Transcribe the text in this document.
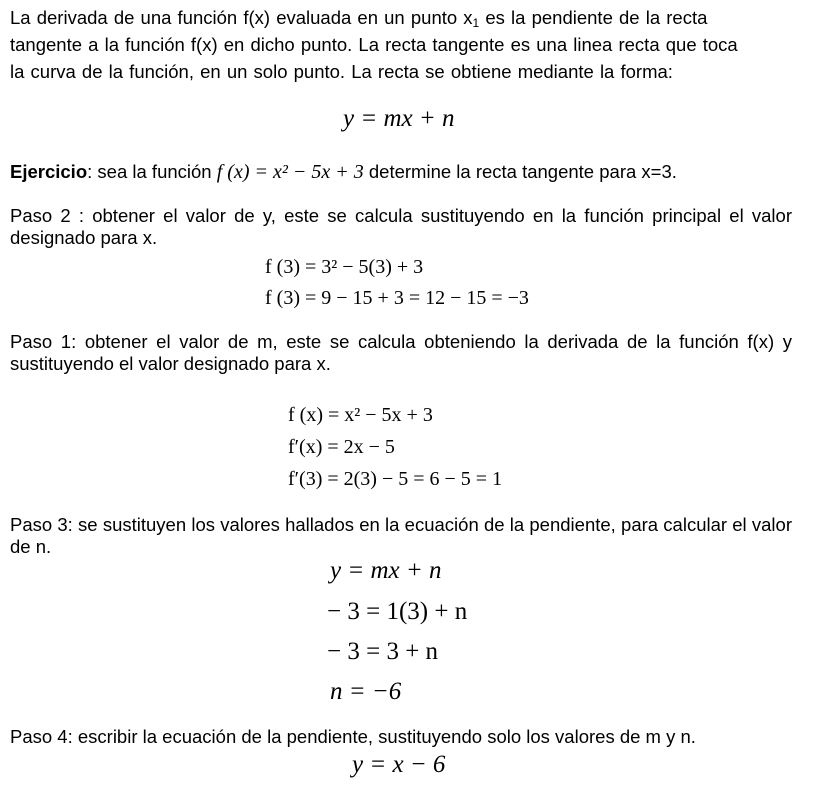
La derivada de una función f(x) evaluada en un punto $x_1$ es la pendiente de la recta
tangente a la función f(x) en dicho punto. La recta tangente es una linea recta que toca
la curva de la función, en un solo punto. La recta se obtiene mediante la forma:
y = mx + n
Ejercicio: sea la función f (x) = x² − 5x + 3 determine la recta tangente para x=3.
Paso 2 : obtener el valor de y, este se calcula sustituyendo en la función principal el valor designado para x.
f (3) = 3² − 5(3) + 3
f (3) = 9 − 15 + 3 = 12 − 15 = −3
Paso 1: obtener el valor de m, este se calcula obteniendo la derivada de la función f(x) y sustituyendo el valor designado para x.
f (x) = x² − 5x + 3
f′(x) = 2x − 5
f′(3) = 2(3) − 5 = 6 − 5 = 1
Paso 3: se sustituyen los valores hallados en la ecuación de la pendiente, para calcular el valor de n.
y = mx + n
− 3 = 1(3) + n
− 3 = 3 + n
n = −6
Paso 4: escribir la ecuación de la pendiente, sustituyendo solo los valores de m y n.
y = x − 6
